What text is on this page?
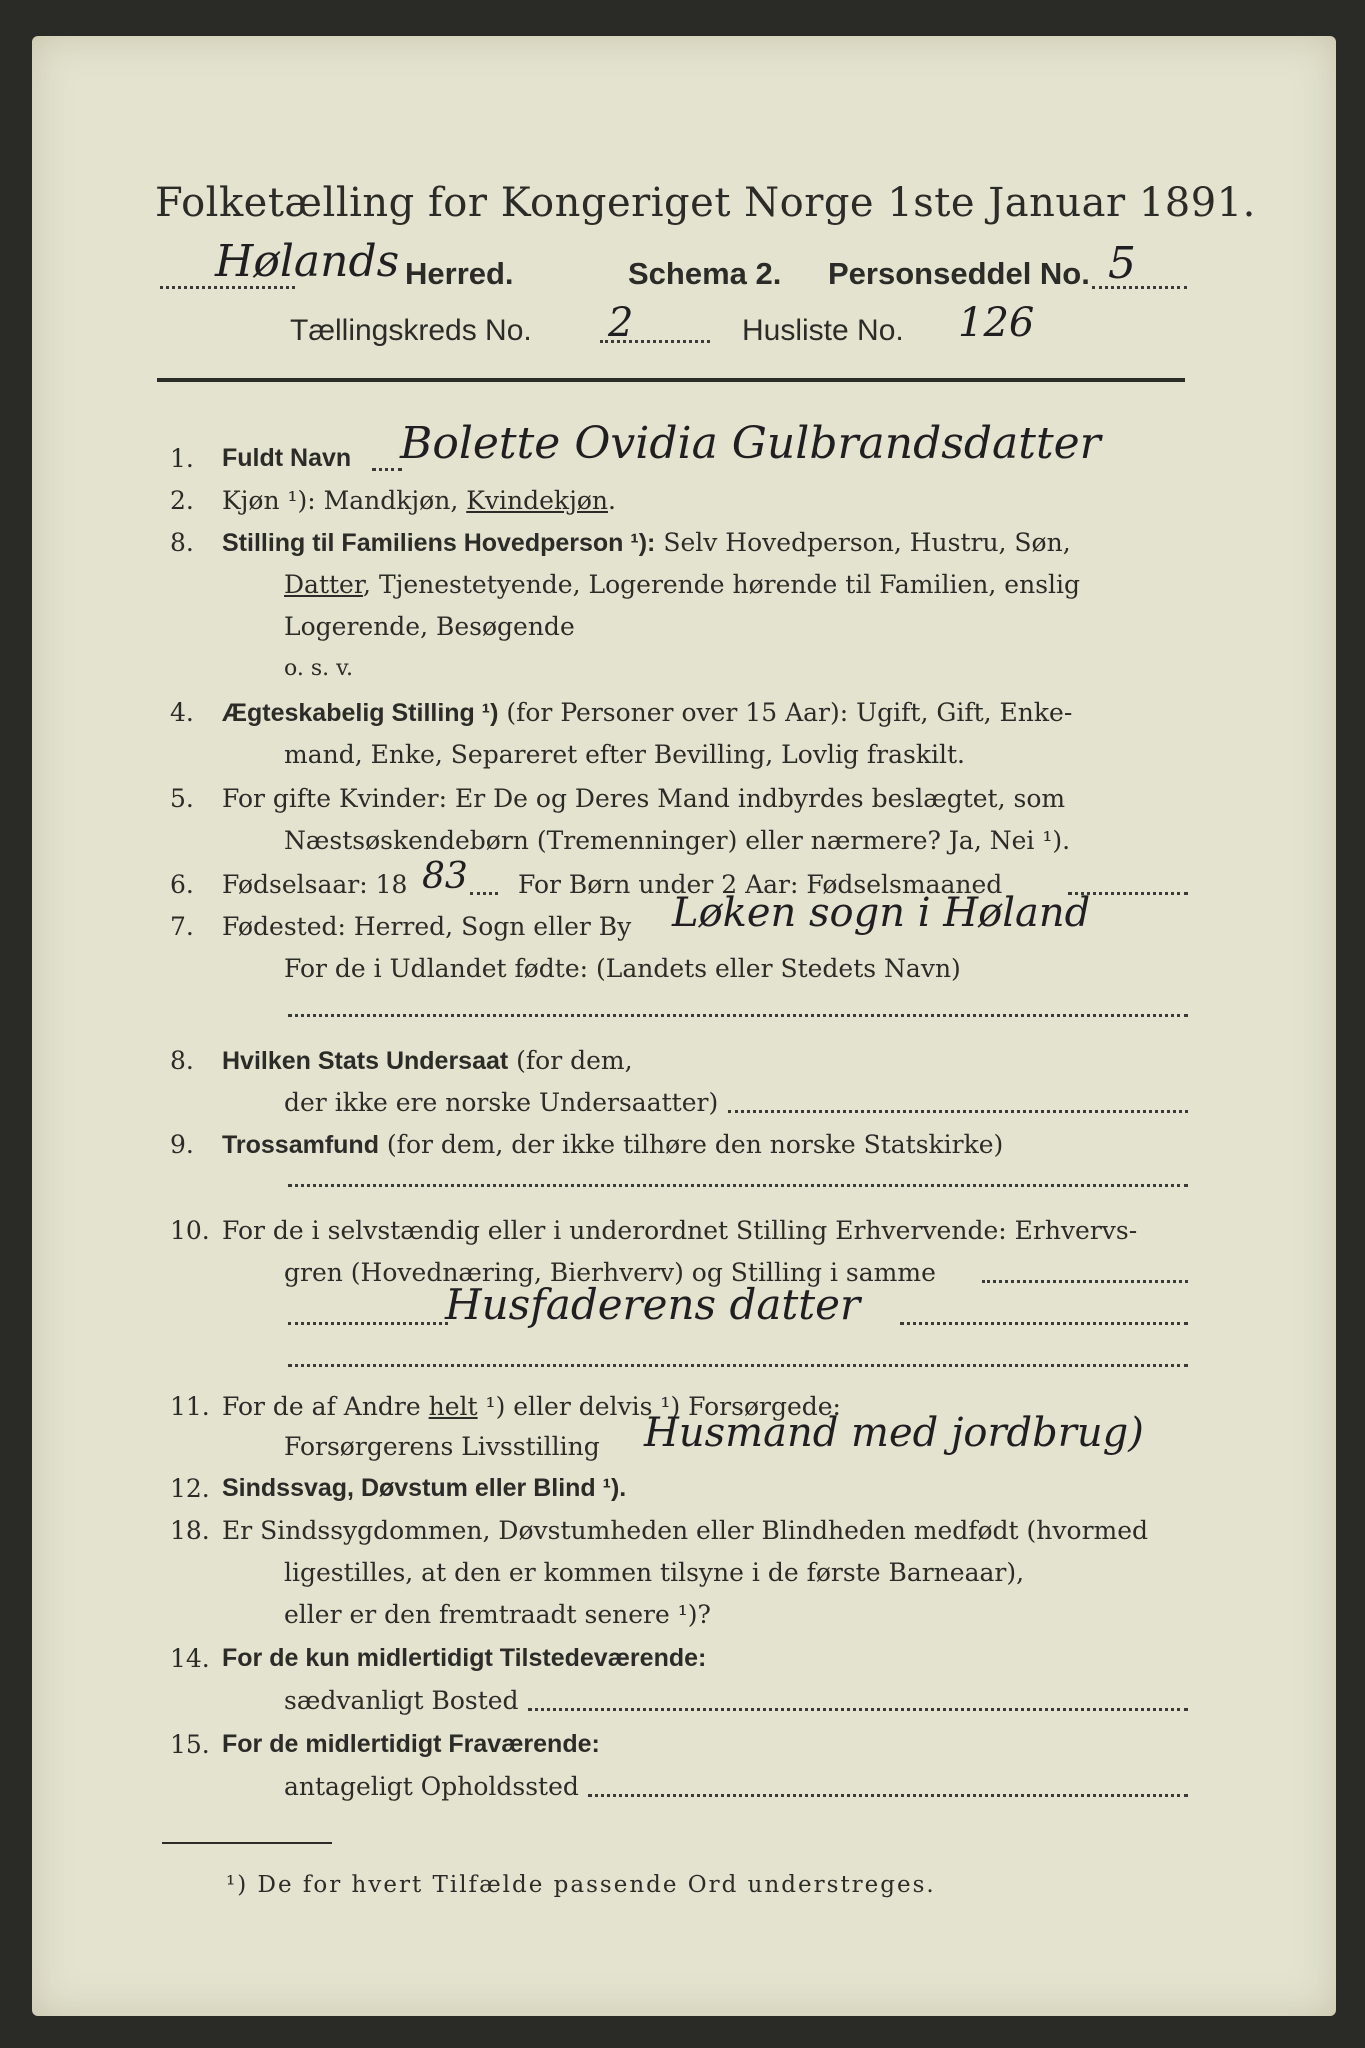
Folketælling for Kongeriget Norge 1ste Januar 1891.
Hølands Herred.	Schema 2. Personseddel No. 5
Tællingskreds No. 2	Husliste No. 126
1. Fuldt Navn Bolette Ovidia Gulbrandsdatter
2. Kjøn ¹): Mandkjøn, Kvindekjøn.
8. Stilling til Familiens Hovedperson ¹): Selv Hovedperson, Hustru, Søn,
Datter, Tjenestetyende, Logerende hørende til Familien, enslig
Logerende, Besøgende
o. s. v.
4. Ægteskabelig Stilling ¹) (for Personer over 15 Aar): Ugift, Gift, Enke-
mand, Enke, Separeret efter Bevilling, Lovlig fraskilt.
5. For gifte Kvinder: Er De og Deres Mand indbyrdes beslægtet, som
Næstsøskendebørn (Tremenninger) eller nærmere? Ja, Nei ¹).
6. Fødselsaar: 18 83 For Børn under 2 Aar: Fødselsmaaned
7. Fødested: Herred, Sogn eller By Løken sogn i Høland
For de i Udlandet fødte: (Landets eller Stedets Navn)
8. Hvilken Stats Undersaat (for dem,
der ikke ere norske Undersaatter)
9. Trossamfund (for dem, der ikke tilhøre den norske Statskirke)
10. For de i selvstændig eller i underordnet Stilling Erhvervende: Erhvervs-
gren (Hovednæring, Bierhverv) og Stilling i samme
Husfaderens datter
11. For de af Andre helt ¹) eller delvis ¹) Forsørgede:
Forsørgerens Livsstilling Husmand med jordbrug)
12. Sindssvag, Døvstum eller Blind ¹).
18. Er Sindssygdommen, Døvstumheden eller Blindheden medfødt (hvormed
ligestilles, at den er kommen tilsyne i de første Barneaar),
eller er den fremtraadt senere ¹)?
14. For de kun midlertidigt Tilstedeværende:
sædvanligt Bosted
15. For de midlertidigt Fraværende:
antageligt Opholdssted
¹) De for hvert Tilfælde passende Ord understreges.
